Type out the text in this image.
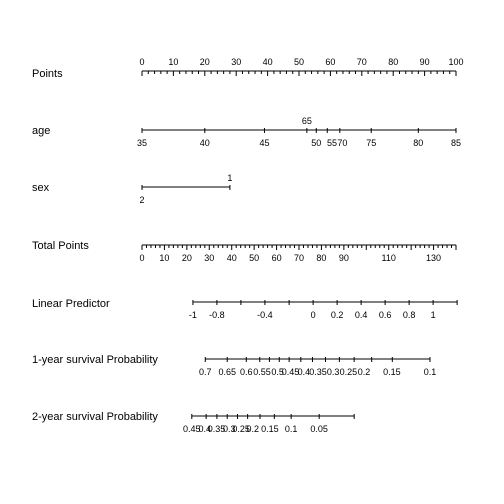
Points
0	10 20 30 40 50 60 70 80 90 100
age
35	40	45
65
50 55 70 75	80	85
sex
1
2
Total Points
0 10 20 30 40 50 60 70 80 90	110	130
Linear Predictor
-1 -0.8	-0.4	0 0.2 0.4 0.6 0.8 1
1-year survival Probability
0.7 0.65 0.6 0.55 0.5
0.45
0.4 0.35 0.3 0.25 0.2 0.15	0.1
2-year survival Probability
0.45
0.4
0.35
0.3
0.25
0.2 0.15 0.1 0.05
